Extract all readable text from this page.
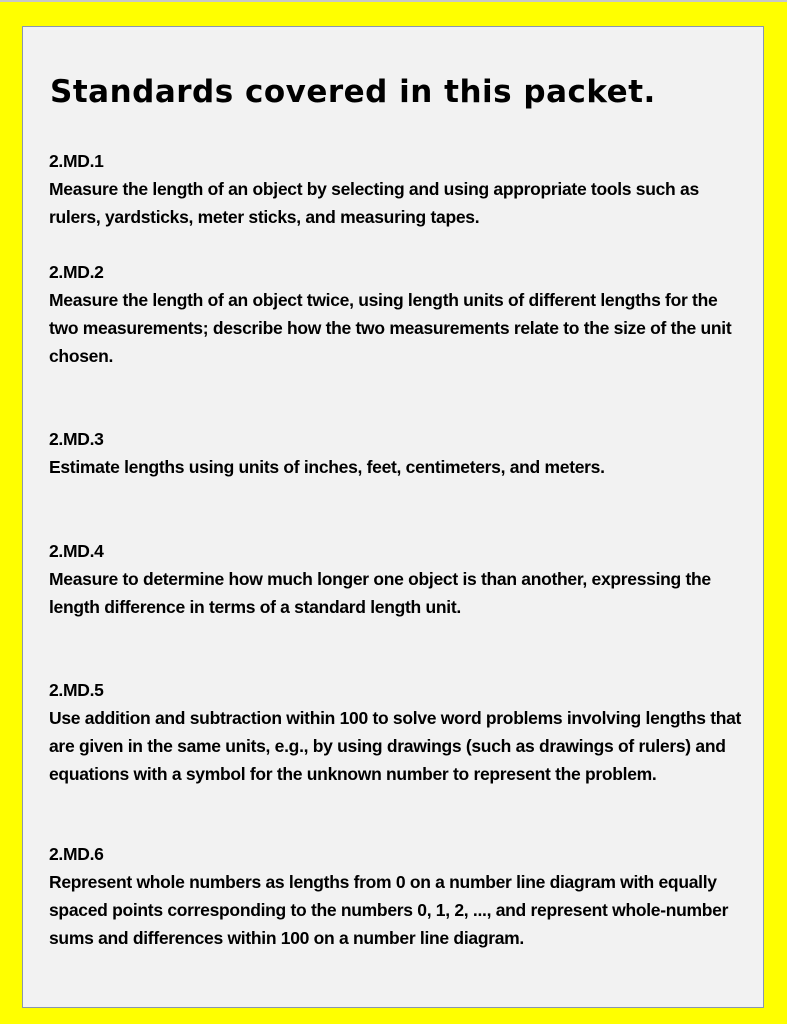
Standards covered in this packet.
2.MD.1
Measure the length of an object by selecting and using appropriate tools such as rulers, yardsticks, meter sticks, and measuring tapes.
2.MD.2
Measure the length of an object twice, using length units of different lengths for the two measurements; describe how the two measurements relate to the size of the unit chosen.
2.MD.3
Estimate lengths using units of inches, feet, centimeters, and meters.
2.MD.4
Measure to determine how much longer one object is than another, expressing the length difference in terms of a standard length unit.
2.MD.5
Use addition and subtraction within 100 to solve word problems involving lengths that are given in the same units, e.g., by using drawings (such as drawings of rulers) and equations with a symbol for the unknown number to represent the problem.
2.MD.6
Represent whole numbers as lengths from 0 on a number line diagram with equally spaced points corresponding to the numbers 0, 1, 2, ..., and represent whole-number sums and differences within 100 on a number line diagram.
